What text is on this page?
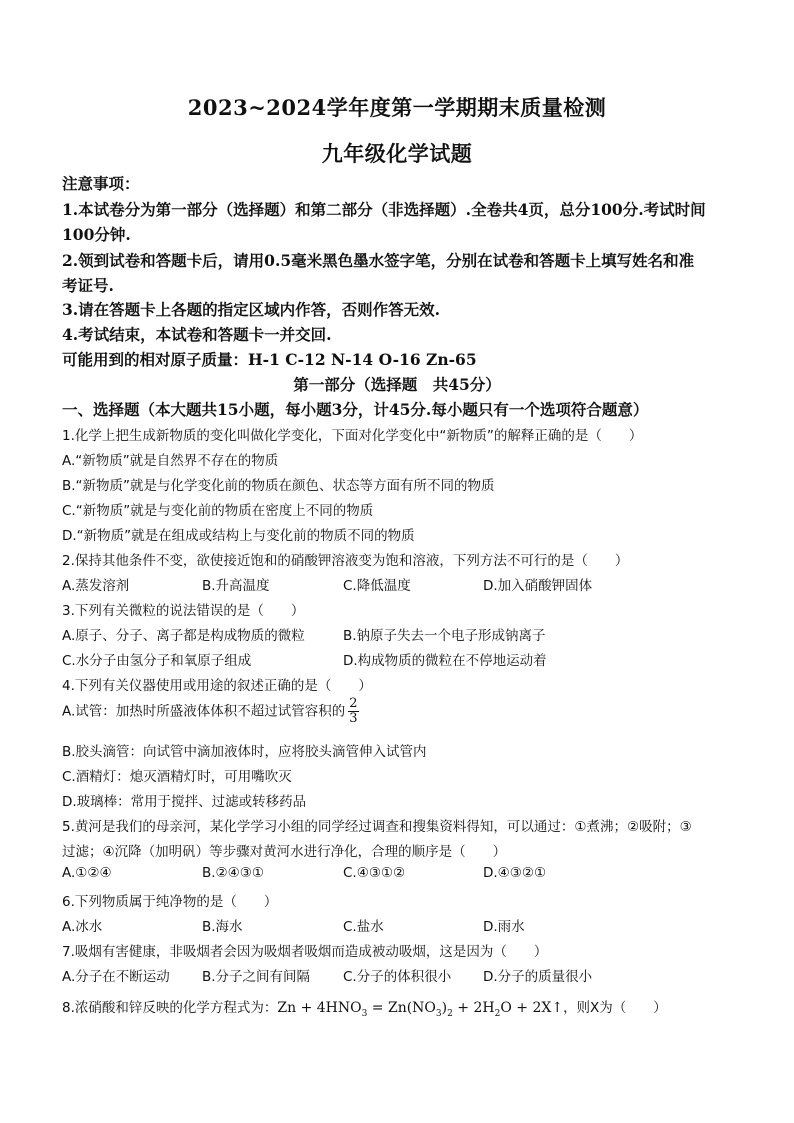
2023~2024学年度第一学期期末质量检测
九年级化学试题
注意事项：
1.本试卷分为第一部分（选择题）和第二部分（非选择题）.全卷共4页，总分100分.考试时间
100分钟.
2.领到试卷和答题卡后，请用0.5毫米黑色墨水签字笔，分别在试卷和答题卡上填写姓名和准
考证号.
3.请在答题卡上各题的指定区域内作答，否则作答无效.
4.考试结束，本试卷和答题卡一并交回.
可能用到的相对原子质量：H-1 C-12 N-14 O-16 Zn-65
第一部分（选择题　共45分）
一、选择题（本大题共15小题，每小题3分，计45分.每小题只有一个选项符合题意）
1.化学上把生成新物质的变化叫做化学变化，下面对化学变化中“新物质”的解释正确的是（　　）
A.“新物质”就是自然界不存在的物质
B.“新物质”就是与化学变化前的物质在颜色、状态等方面有所不同的物质
C.“新物质”就是与变化前的物质在密度上不同的物质
D.“新物质”就是在组成或结构上与变化前的物质不同的物质
2.保持其他条件不变，欲使接近饱和的硝酸钾溶液变为饱和溶液，下列方法不可行的是（　　）
A.蒸发溶剂	B.升高温度	C.降低温度	D.加入硝酸钾固体
3.下列有关微粒的说法错误的是（　　）
A.原子、分子、离子都是构成物质的微粒	B.钠原子失去一个电子形成钠离子
C.水分子由氢分子和氧原子组成	D.构成物质的微粒在不停地运动着
4.下列有关仪器使用或用途的叙述正确的是（　　）
A.试管：加热时所盛液体体积不超过试管容积的 $\frac{2}{3}$
B.胶头滴管：向试管中滴加液体时，应将胶头滴管伸入试管内
C.酒精灯：熄灭酒精灯时，可用嘴吹灭
D.玻璃棒：常用于搅拌、过滤或转移药品
5.黄河是我们的母亲河，某化学学习小组的同学经过调查和搜集资料得知，可以通过：①煮沸；②吸附；③
过滤；④沉降（加明矾）等步骤对黄河水进行净化，合理的顺序是（　　）
A.①②④	B.②④③①	C.④③①②	D.④③②①
6.下列物质属于纯净物的是（　　）
A.冰水	B.海水	C.盐水	D.雨水
7.吸烟有害健康，非吸烟者会因为吸烟者吸烟而造成被动吸烟，这是因为（　　）
A.分子在不断运动 B.分子之间有间隔 C.分子的体积很小 D.分子的质量很小
8.浓硝酸和锌反映的化学方程式为：$Zn + 4HNO_3 = Zn(NO_3)_2 + 2H_2O$ + 2X↑，则X为（　　）
